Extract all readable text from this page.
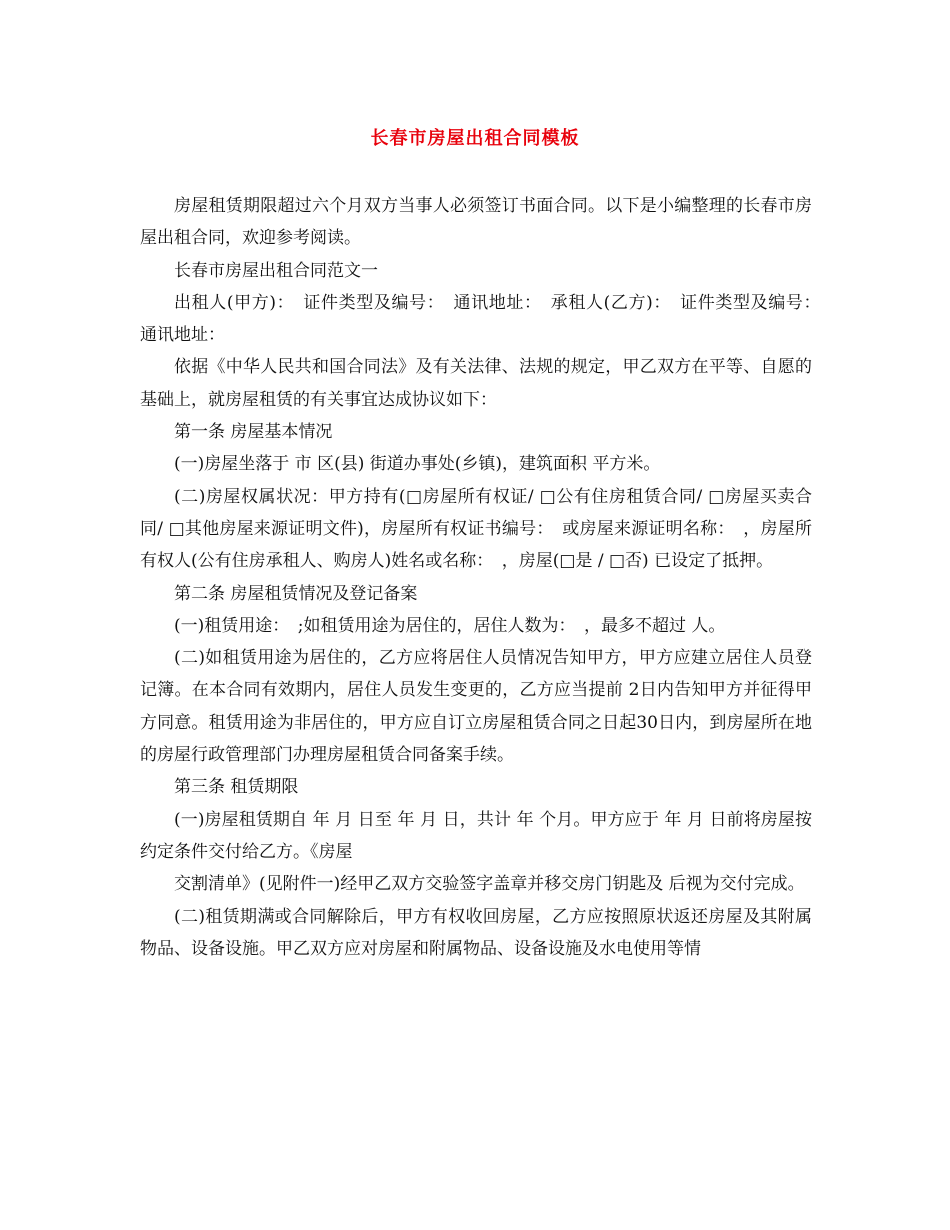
长春市房屋出租合同模板

房屋租赁期限超过六个月双方当事人必须签订书面合同。以下是小编整理的长春市房屋出租合同，欢迎参考阅读。

长春市房屋出租合同范文一

出租人(甲方)：　证件类型及编号：　通讯地址：　承租人(乙方)：　证件类型及编号：　通讯地址：

依据《中华人民共和国合同法》及有关法律、法规的规定，甲乙双方在平等、自愿的基础上，就房屋租赁的有关事宜达成协议如下：

第一条 房屋基本情况

(一)房屋坐落于 市 区(县) 街道办事处(乡镇)，建筑面积 平方米。

(二)房屋权属状况：甲方持有(□房屋所有权证/ □公有住房租赁合同/ □房屋买卖合同/ □其他房屋来源证明文件)，房屋所有权证书编号：　或房屋来源证明名称：　，房屋所有权人(公有住房承租人、购房人)姓名或名称：　，房屋(□是 / □否) 已设定了抵押。

第二条 房屋租赁情况及登记备案

(一)租赁用途：　;如租赁用途为居住的，居住人数为：　，最多不超过 人。

(二)如租赁用途为居住的，乙方应将居住人员情况告知甲方，甲方应建立居住人员登记簿。在本合同有效期内，居住人员发生变更的，乙方应当提前 2日内告知甲方并征得甲方同意。租赁用途为非居住的，甲方应自订立房屋租赁合同之日起30日内，到房屋所在地的房屋行政管理部门办理房屋租赁合同备案手续。

第三条 租赁期限

(一)房屋租赁期自 年 月 日至 年 月 日，共计 年 个月。甲方应于 年 月 日前将房屋按约定条件交付给乙方。《房屋

交割清单》(见附件一)经甲乙双方交验签字盖章并移交房门钥匙及 后视为交付完成。

(二)租赁期满或合同解除后，甲方有权收回房屋，乙方应按照原状返还房屋及其附属物品、设备设施。甲乙双方应对房屋和附属物品、设备设施及水电使用等情
